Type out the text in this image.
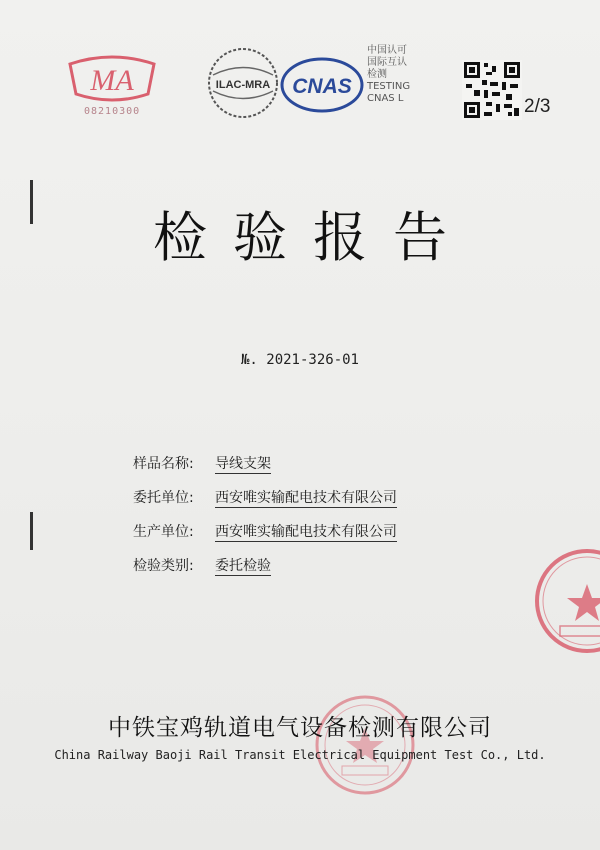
MA
08210300
ILAC-MRA CNAS
中国认可
国际互认
检测
TESTING
CNAS L	2/3
检验报告
№. 2021-326-01
样品名称: 导线支架
委托单位: 西安唯实输配电技术有限公司
生产单位: 西安唯实输配电技术有限公司
检验类别: 委托检验
中铁宝鸡轨道电气设备检测有限公司
China Railway Baoji Rail Transit Electrical Equipment Test Co., Ltd.
